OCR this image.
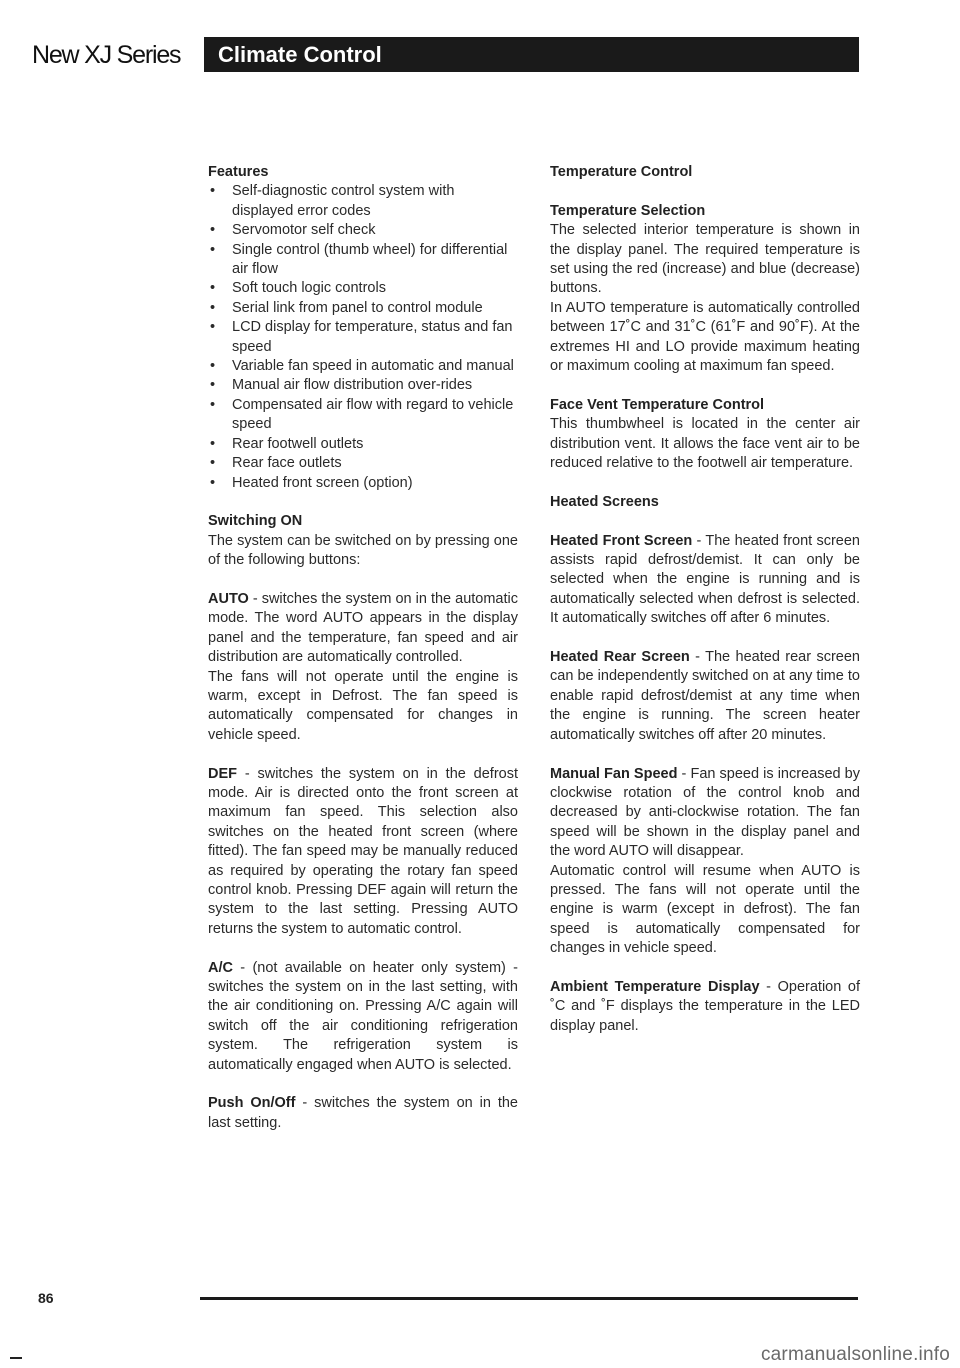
New XJ Series Climate Control
Features
• Self-diagnostic control system with displayed error codes
• Servomotor self check
• Single control (thumb wheel) for differential air flow
• Soft touch logic controls
• Serial link from panel to control module
• LCD display for temperature, status and fan speed
• Variable fan speed in automatic and manual
• Manual air flow distribution over-rides
• Compensated air flow with regard to vehicle speed
• Rear footwell outlets
• Rear face outlets
• Heated front screen (option)
Switching ON

The system can be switched on by pressing one of the following buttons:

AUTO - switches the system on in the automatic mode. The word AUTO appears in the display panel and the temperature, fan speed and air distribution are automatically controlled.

The fans will not operate until the engine is warm, except in Defrost. The fan speed is automatically compensated for changes in vehicle speed.

DEF - switches the system on in the defrost mode. Air is directed onto the front screen at maximum fan speed. This selection also switches on the heated front screen (where fitted). The fan speed may be manually reduced as required by operating the rotary fan speed control knob. Pressing DEF again will return the system to the last setting. Pressing AUTO returns the system to automatic control.

A/C - (not available on heater only system) - switches the system on in the last setting, with the air conditioning on. Pressing A/C again will switch off the air conditioning refrigeration system. The refrigeration system is automatically engaged when AUTO is selected.

Push On/Off - switches the system on in the last setting.

Temperature Control
Temperature Selection

The selected interior temperature is shown in the display panel. The required temperature is set using the red (increase) and blue (decrease) buttons.

In AUTO temperature is automatically controlled between 17˚C and 31˚C (61˚F and 90˚F). At the extremes HI and LO provide maximum heating or maximum cooling at maximum fan speed.

Face Vent Temperature Control

This thumbwheel is located in the center air distribution vent. It allows the face vent air to be reduced relative to the footwell air temperature.

Heated Screens

Heated Front Screen - The heated front screen assists rapid defrost/demist. It can only be selected when the engine is running and is automatically selected when defrost is selected. It automatically switches off after 6 minutes.

Heated Rear Screen - The heated rear screen can be independently switched on at any time to enable rapid defrost/demist at any time when the engine is running. The screen heater automatically switches off after 20 minutes.

Manual Fan Speed - Fan speed is increased by clockwise rotation of the control knob and decreased by anti-clockwise rotation. The fan speed will be shown in the display panel and the word AUTO will disappear.

Automatic control will resume when AUTO is pressed. The fans will not operate until the engine is warm (except in defrost). The fan speed is automatically compensated for changes in vehicle speed.

Ambient Temperature Display - Operation of ˚C and ˚F displays the temperature in the LED display panel.

86
carmanualsonline.info
